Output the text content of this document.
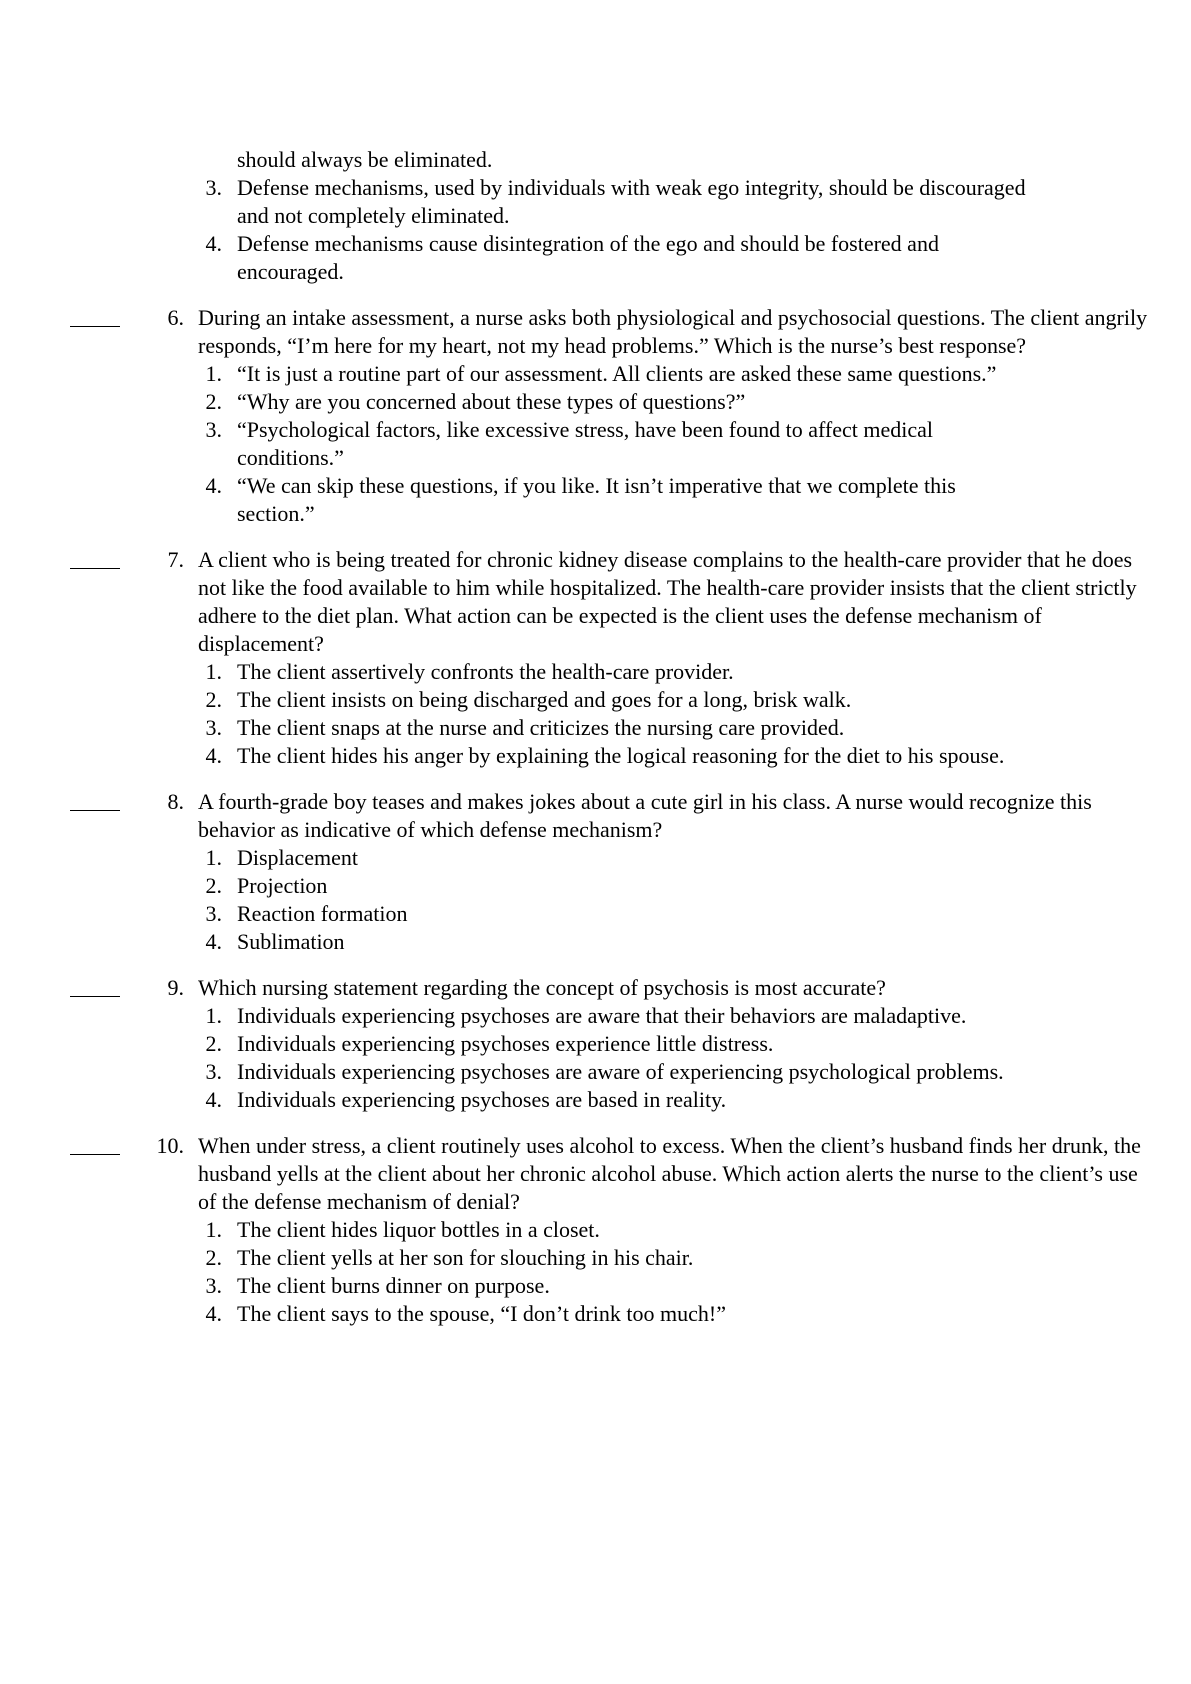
should always be eliminated.
3. Defense mechanisms, used by individuals with weak ego integrity, should be discouraged and not completely eliminated.
4. Defense mechanisms cause disintegration of the ego and should be fostered and encouraged.
6. During an intake assessment, a nurse asks both physiological and psychosocial questions. The client angrily responds, “I’m here for my heart, not my head problems.” Which is the nurse’s best response?
1. “It is just a routine part of our assessment. All clients are asked these same questions.”
2. “Why are you concerned about these types of questions?”
3. “Psychological factors, like excessive stress, have been found to affect medical conditions.”
4. “We can skip these questions, if you like. It isn’t imperative that we complete this section.”
7. A client who is being treated for chronic kidney disease complains to the health-care provider that he does not like the food available to him while hospitalized. The health-care provider insists that the client strictly adhere to the diet plan. What action can be expected is the client uses the defense mechanism of displacement?
1. The client assertively confronts the health-care provider.
2. The client insists on being discharged and goes for a long, brisk walk.
3. The client snaps at the nurse and criticizes the nursing care provided.
4. The client hides his anger by explaining the logical reasoning for the diet to his spouse.
8. A fourth-grade boy teases and makes jokes about a cute girl in his class. A nurse would recognize this behavior as indicative of which defense mechanism?
1. Displacement
2. Projection
3. Reaction formation
4. Sublimation
9. Which nursing statement regarding the concept of psychosis is most accurate?
1. Individuals experiencing psychoses are aware that their behaviors are maladaptive.
2. Individuals experiencing psychoses experience little distress.
3. Individuals experiencing psychoses are aware of experiencing psychological problems.
4. Individuals experiencing psychoses are based in reality.
10. When under stress, a client routinely uses alcohol to excess. When the client’s husband finds her drunk, the husband yells at the client about her chronic alcohol abuse. Which action alerts the nurse to the client’s use of the defense mechanism of denial?
1. The client hides liquor bottles in a closet.
2. The client yells at her son for slouching in his chair.
3. The client burns dinner on purpose.
4. The client says to the spouse, “I don’t drink too much!”
